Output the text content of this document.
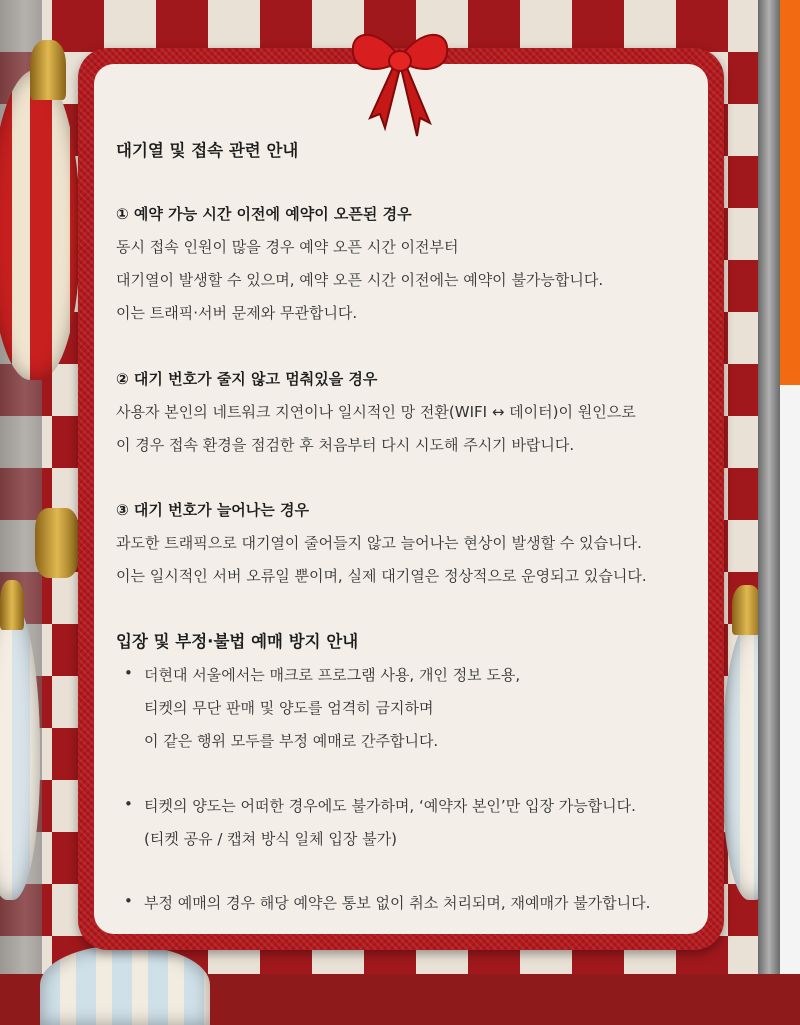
대기열 및 접속 관련 안내
① 예약 가능 시간 이전에 예약이 오픈된 경우
동시 접속 인원이 많을 경우 예약 오픈 시간 이전부터
대기열이 발생할 수 있으며, 예약 오픈 시간 이전에는 예약이 불가능합니다.
이는 트래픽·서버 문제와 무관합니다.
② 대기 번호가 줄지 않고 멈춰있을 경우
사용자 본인의 네트워크 지연이나 일시적인 망 전환(WIFI ↔ 데이터)이 원인으로
이 경우 접속 환경을 점검한 후 처음부터 다시 시도해 주시기 바랍니다.
③ 대기 번호가 늘어나는 경우
과도한 트래픽으로 대기열이 줄어들지 않고 늘어나는 현상이 발생할 수 있습니다.
이는 일시적인 서버 오류일 뿐이며, 실제 대기열은 정상적으로 운영되고 있습니다.
입장 및 부정·불법 예매 방지 안내
• 더현대 서울에서는 매크로 프로그램 사용, 개인 정보 도용,
티켓의 무단 판매 및 양도를 엄격히 금지하며
이 같은 행위 모두를 부정 예매로 간주합니다.
• 티켓의 양도는 어떠한 경우에도 불가하며, ‘예약자 본인’만 입장 가능합니다.
(티켓 공유 / 캡쳐 방식 일체 입장 불가)
• 부정 예매의 경우 해당 예약은 통보 없이 취소 처리되며, 재예매가 불가합니다.
